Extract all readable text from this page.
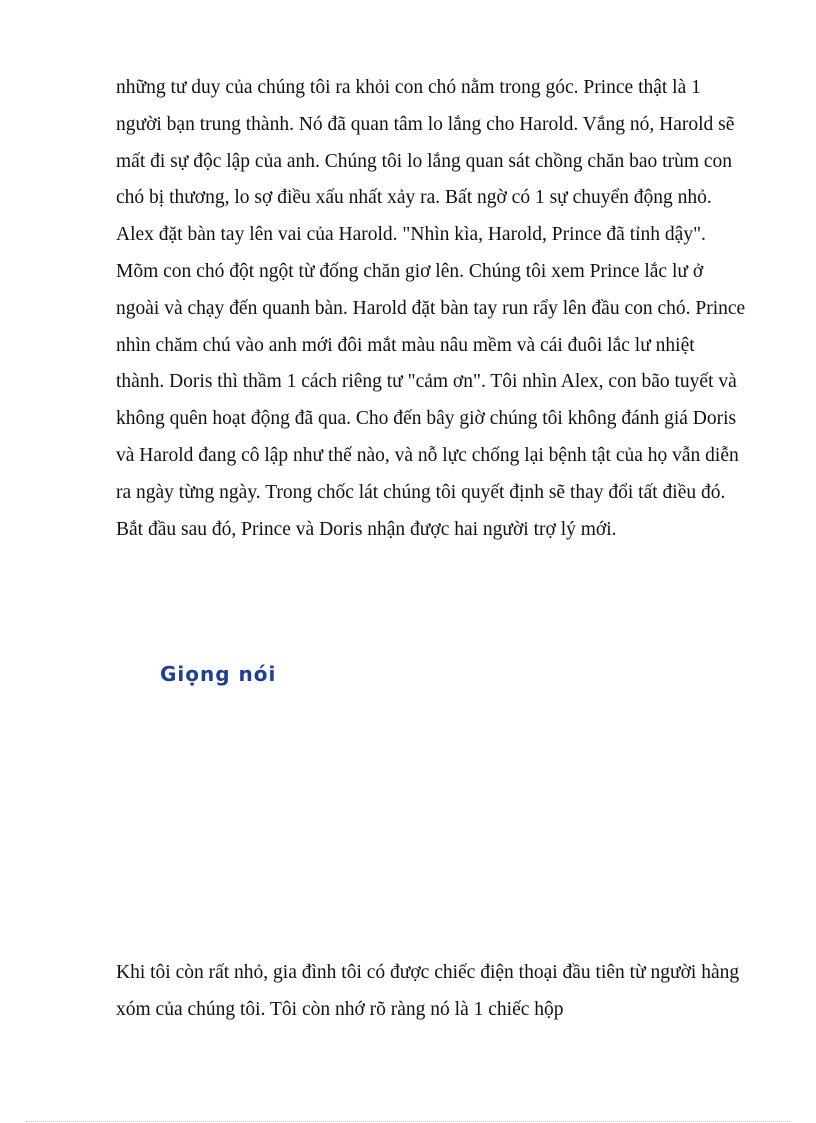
những tư duy của chúng tôi ra khỏi con chó nằm trong góc. Prince thật là 1 người bạn trung thành. Nó đã quan tâm lo lắng cho Harold. Vắng nó, Harold sẽ mất đi sự độc lập của anh. Chúng tôi lo lắng quan sát chồng chăn bao trùm con chó bị thương, lo sợ điều xấu nhất xảy ra. Bất ngờ có 1 sự chuyển động nhỏ.

Alex đặt bàn tay lên vai của Harold. "Nhìn kìa, Harold, Prince đã tỉnh dậy".

Mõm con chó đột ngột từ đống chăn giơ lên. Chúng tôi xem Prince lắc lư ở ngoài và chạy đến quanh bàn. Harold đặt bàn tay run rẩy lên đầu con chó. Prince nhìn chăm chú vào anh mới đôi mắt màu nâu mềm và cái đuôi lắc lư nhiệt thành. Doris thì thầm 1 cách riêng tư "cảm ơn". Tôi nhìn Alex, con bão tuyết và không quên hoạt động đã qua. Cho đến bây giờ chúng tôi không đánh giá Doris và Harold đang cô lập như thế nào, và nỗ lực chống lại bệnh tật của họ vẫn diễn ra ngày từng ngày. Trong chốc lát chúng tôi quyết định sẽ thay đổi tất điều đó. Bắt đầu sau đó, Prince và Doris nhận được hai người trợ lý mới.

Giọng nói

Khi tôi còn rất nhỏ, gia đình tôi có được chiếc điện thoại đầu tiên từ người hàng xóm của chúng tôi. Tôi còn nhớ rõ ràng nó là 1 chiếc hộp
